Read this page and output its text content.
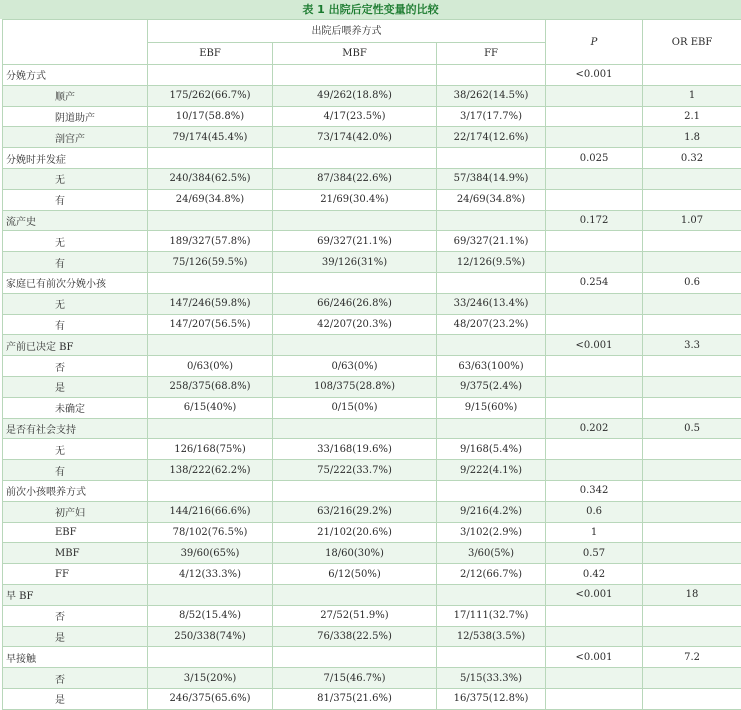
表 1 出院后定性变量的比较
	出院后喂养方式			P	OR EBF
	EBF	MBF	FF		
分娩方式				<0.001	
顺产	175/262(66.7%)	49/262(18.8%)	38/262(14.5%)		1
阴道助产	10/17(58.8%)	4/17(23.5%)	3/17(17.7%)		2.1
剖宫产	79/174(45.4%)	73/174(42.0%)	22/174(12.6%)		1.8
分娩时并发症				0.025	0.32
无	240/384(62.5%)	87/384(22.6%)	57/384(14.9%)		
有	24/69(34.8%)	21/69(30.4%)	24/69(34.8%)		
流产史				0.172	1.07
无	189/327(57.8%)	69/327(21.1%)	69/327(21.1%)		
有	75/126(59.5%)	39/126(31%)	12/126(9.5%)		
家庭已有前次分娩小孩				0.254	0.6
无	147/246(59.8%)	66/246(26.8%)	33/246(13.4%)		
有	147/207(56.5%)	42/207(20.3%)	48/207(23.2%)		
产前已决定 BF				<0.001	3.3
否	0/63(0%)	0/63(0%)	63/63(100%)		
是	258/375(68.8%)	108/375(28.8%)	9/375(2.4%)		
未确定	6/15(40%)	0/15(0%)	9/15(60%)		
是否有社会支持				0.202	0.5
无	126/168(75%)	33/168(19.6%)	9/168(5.4%)		
有	138/222(62.2%)	75/222(33.7%)	9/222(4.1%)		
前次小孩喂养方式				0.342	
初产妇	144/216(66.6%)	63/216(29.2%)	9/216(4.2%)	0.6	
EBF	78/102(76.5%)	21/102(20.6%)	3/102(2.9%)	1	
MBF	39/60(65%)	18/60(30%)	3/60(5%)	0.57	
FF	4/12(33.3%)	6/12(50%)	2/12(66.7%)	0.42	
早 BF				<0.001	18
否	8/52(15.4%)	27/52(51.9%)	17/111(32.7%)		
是	250/338(74%)	76/338(22.5%)	12/538(3.5%)		
早接触				<0.001	7.2
否	3/15(20%)	7/15(46.7%)	5/15(33.3%)		
是	246/375(65.6%)	81/375(21.6%)	16/375(12.8%)		
